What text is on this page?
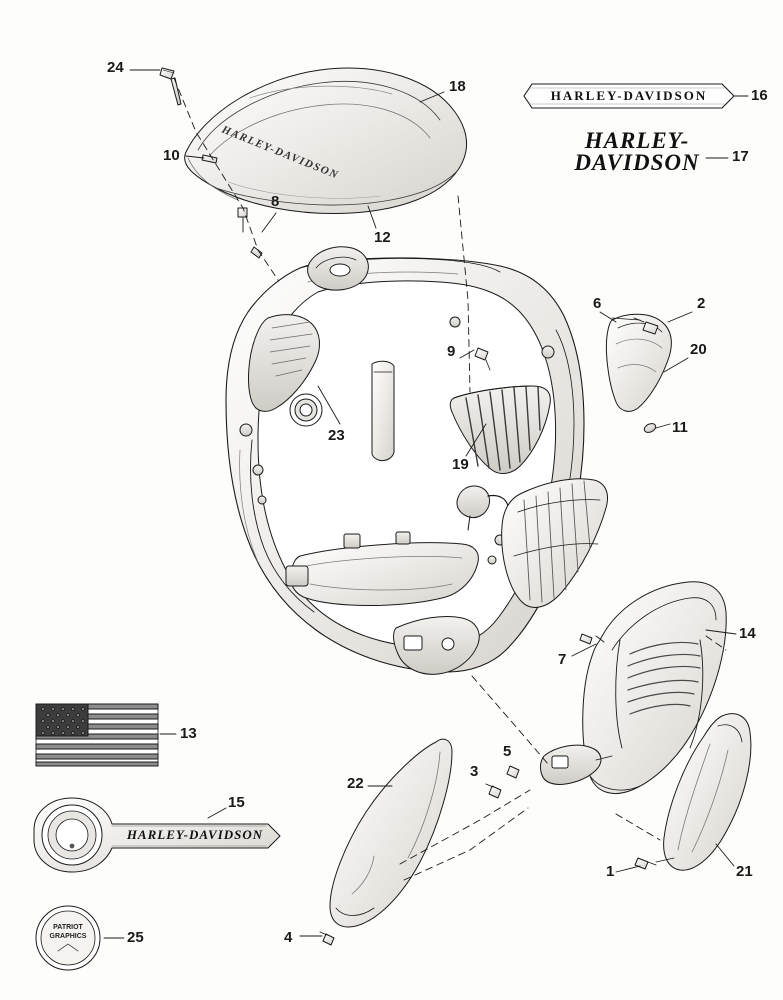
HARLEY-DAVIDSON
HARLEY-
DAVIDSON
HARLEY-DAVIDSON
HARLEY-DAVIDSON
PATRIOT
GRAPHICS
24
18
16
10	17
8
12
6	2
20
9
11
23
19
14
7
13
5
3
22
15
1	21
4
25
